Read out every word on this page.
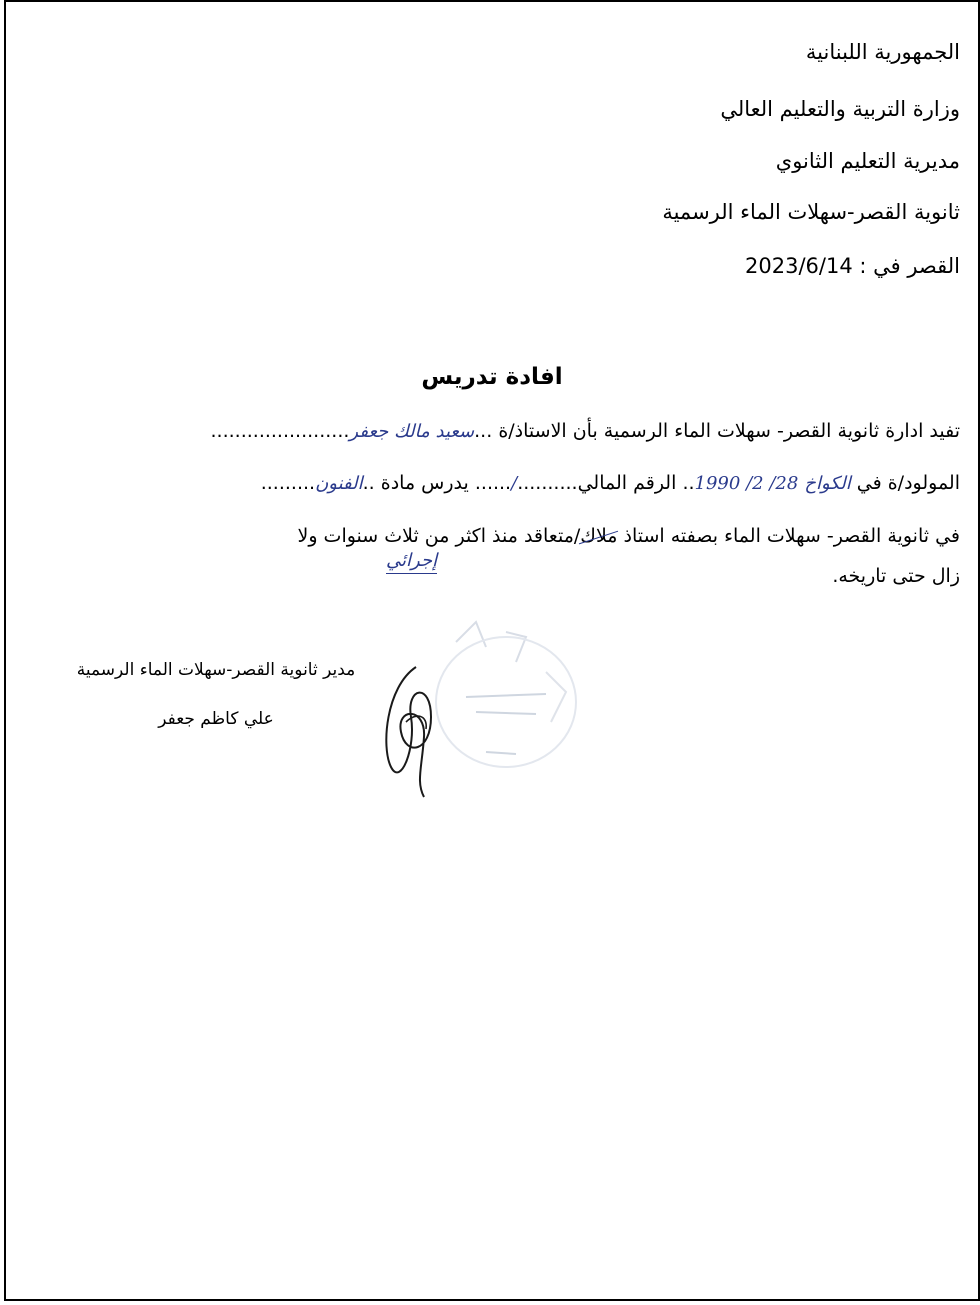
الجمهورية اللبنانية
وزارة التربية والتعليم العالي
مديرية التعليم الثانوي
ثانوية القصر-سهلات الماء الرسمية
القصر في : 2023/6/14
افادة تدريس
تفيد ادارة ثانوية القصر- سهلات الماء الرسمية بأن الاستاذ/ة ...سعيد مالك جعفر.......................
المولود/ة في الكواخ 28/ 2/ 1990.. الرقم المالي........../...... يدرس مادة ..الفنون.........
في ثانوية القصر- سهلات الماء بصفته استاذ ملاك/متعاقد منذ اكثر من ثلاث سنوات ولا
إجرائي
زال حتى تاريخه.
مدير ثانوية القصر-سهلات الماء الرسمية
علي كاظم جعفر
